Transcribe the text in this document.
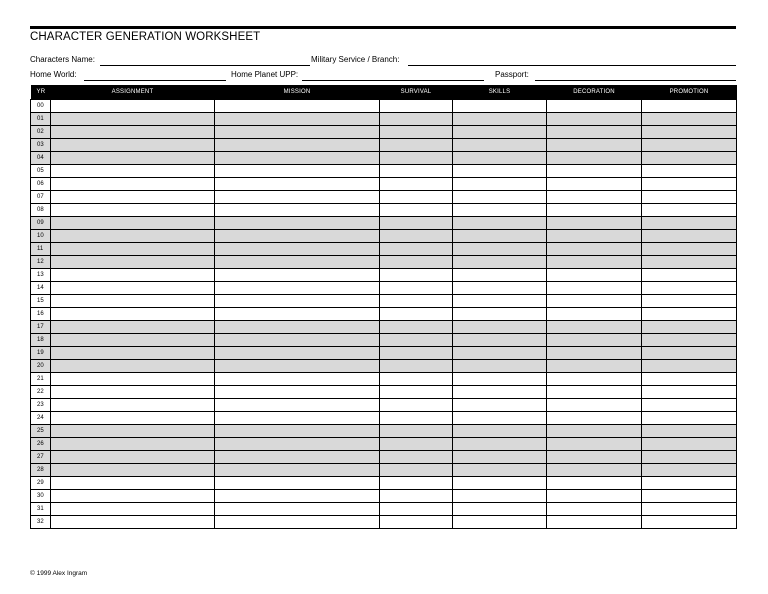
CHARACTER GENERATION WORKSHEET
Characters Name:	Military Service / Branch:
Home World:	Home Planet UPP:	Passport:
YR	ASSIGNMENT	MISSION	SURVIVAL	SKILLS	DECORATION	PROMOTION
00						
01						
02						
03						
04						
05						
06						
07						
08						
09						
10						
11						
12						
13						
14						
15						
16						
17						
18						
19						
20						
21						
22						
23						
24						
25						
26						
27						
28						
29						
30						
31						
32						
© 1999 Alex Ingram
